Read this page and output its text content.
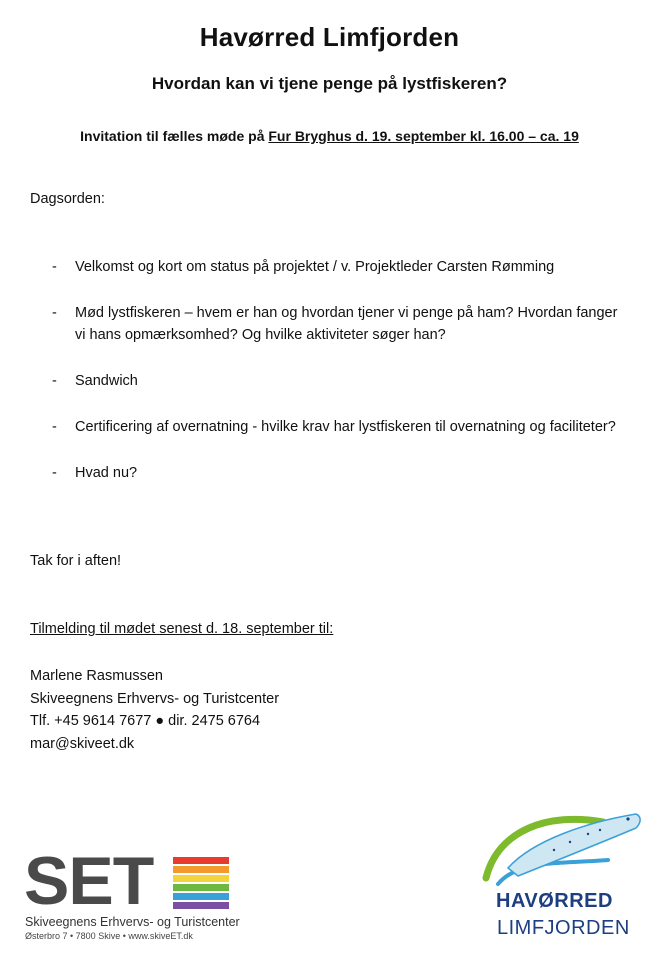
Havørred Limfjorden
Hvordan kan vi tjene penge på lystfiskeren?
Invitation til fælles møde på Fur Bryghus d. 19. september kl. 16.00 – ca. 19
Dagsorden:
- Velkomst og kort om status på projektet / v. Projektleder Carsten Rømming
- Mød lystfiskeren – hvem er han og hvordan tjener vi penge på ham? Hvordan fanger vi hans opmærksomhed? Og hvilke aktiviteter søger han?
- Sandwich
- Certificering af overnatning - hvilke krav har lystfiskeren til overnatning og faciliteter?
- Hvad nu?
Tak for i aften!
Tilmelding til mødet senest d. 18. september til:
Marlene Rasmussen
Skiveegnens Erhvervs- og Turistcenter
Tlf. +45 9614 7677 ● dir. 2475 6764
mar@skiveet.dk
SET
Skiveegnens Erhvervs- og Turistcenter
Østerbro 7 • 7800 Skive • www.skiveET.dk
HAVØRRED
LIMFJORDEN
